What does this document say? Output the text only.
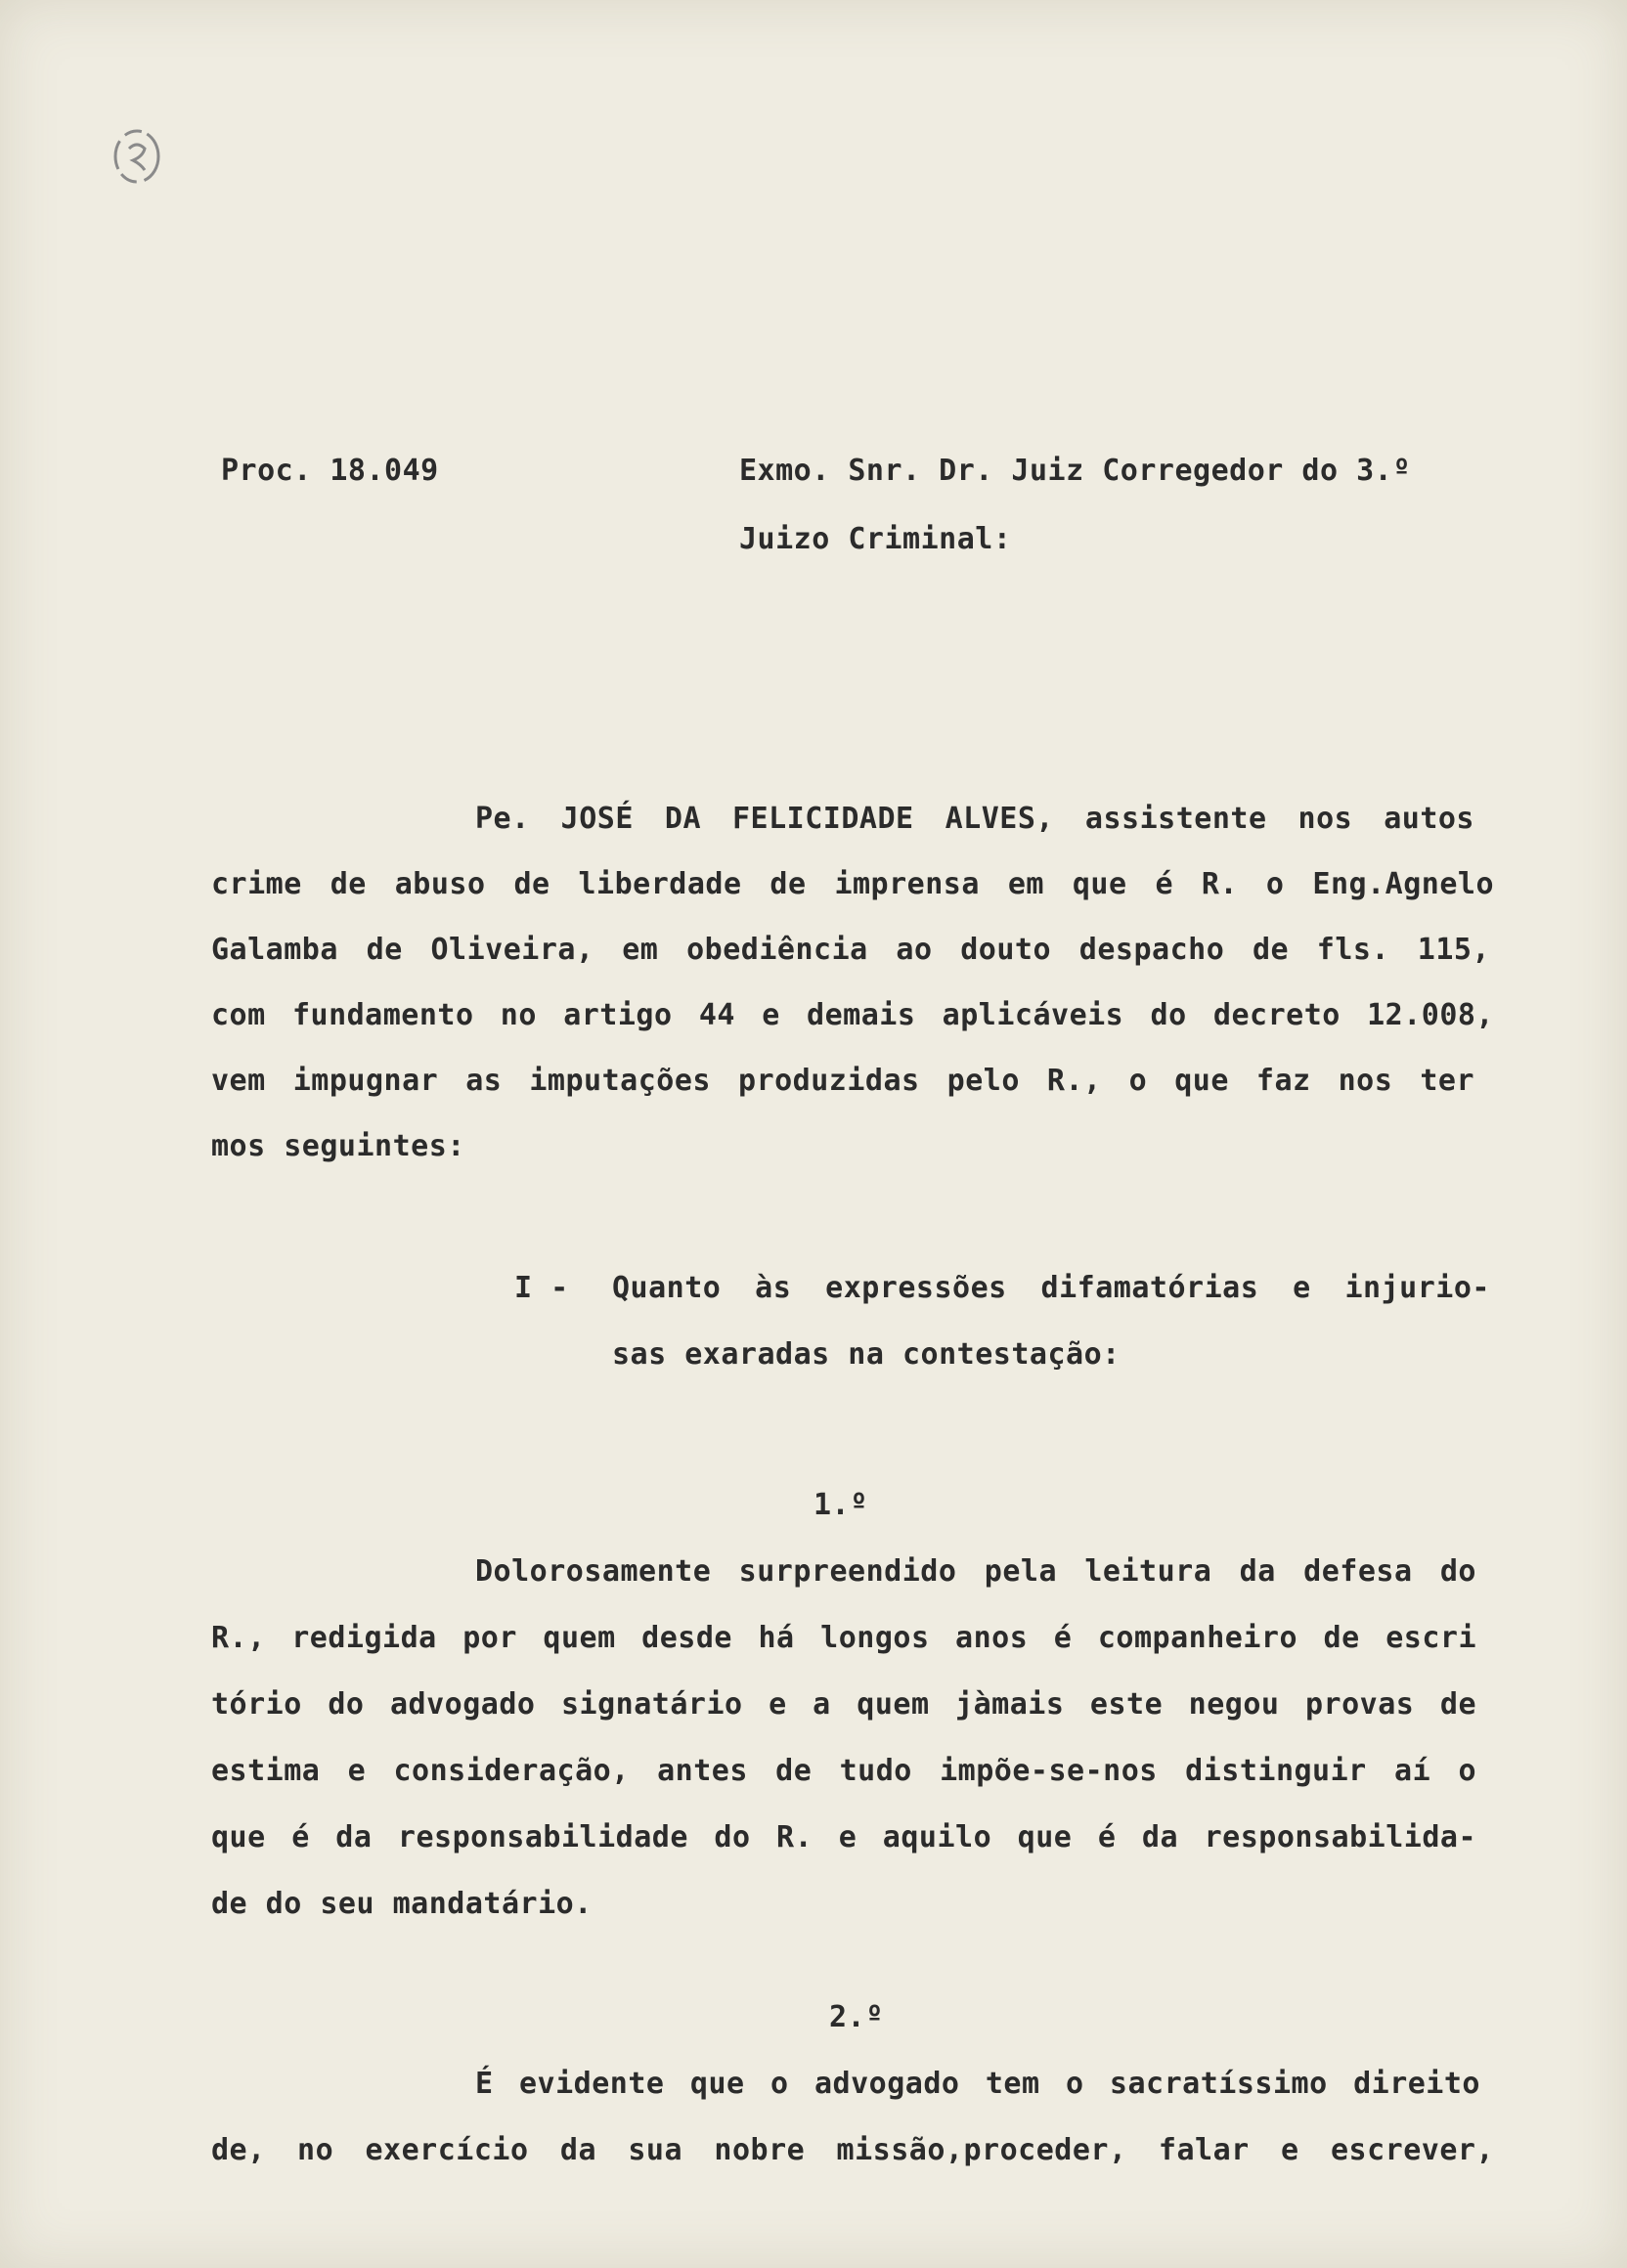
Proc. 18.049	Exmo. Snr. Dr. Juiz Corregedor do 3.º
Juizo Criminal:
Pe. JOSÉ DA FELICIDADE ALVES, assistente nos autos
crime de abuso de liberdade de imprensa em que é R. o Eng.Agnelo
Galamba de Oliveira, em obediência ao douto despacho de fls. 115,
com fundamento no artigo 44 e demais aplicáveis do decreto 12.008,
vem impugnar as imputações produzidas pelo R., o que faz nos ter
mos seguintes:
I - Quanto às expressões difamatórias e injurio-
sas exaradas na contestação:
1.º
Dolorosamente surpreendido pela leitura da defesa do
R., redigida por quem desde há longos anos é companheiro de escri
tório do advogado signatário e a quem jàmais este negou provas de
estima e consideração, antes de tudo impõe-se-nos distinguir aí o
que é da responsabilidade do R. e aquilo que é da responsabilida-
de do seu mandatário.
2.º
É evidente que o advogado tem o sacratíssimo direito
de, no exercício da sua nobre missão,proceder, falar e escrever,
